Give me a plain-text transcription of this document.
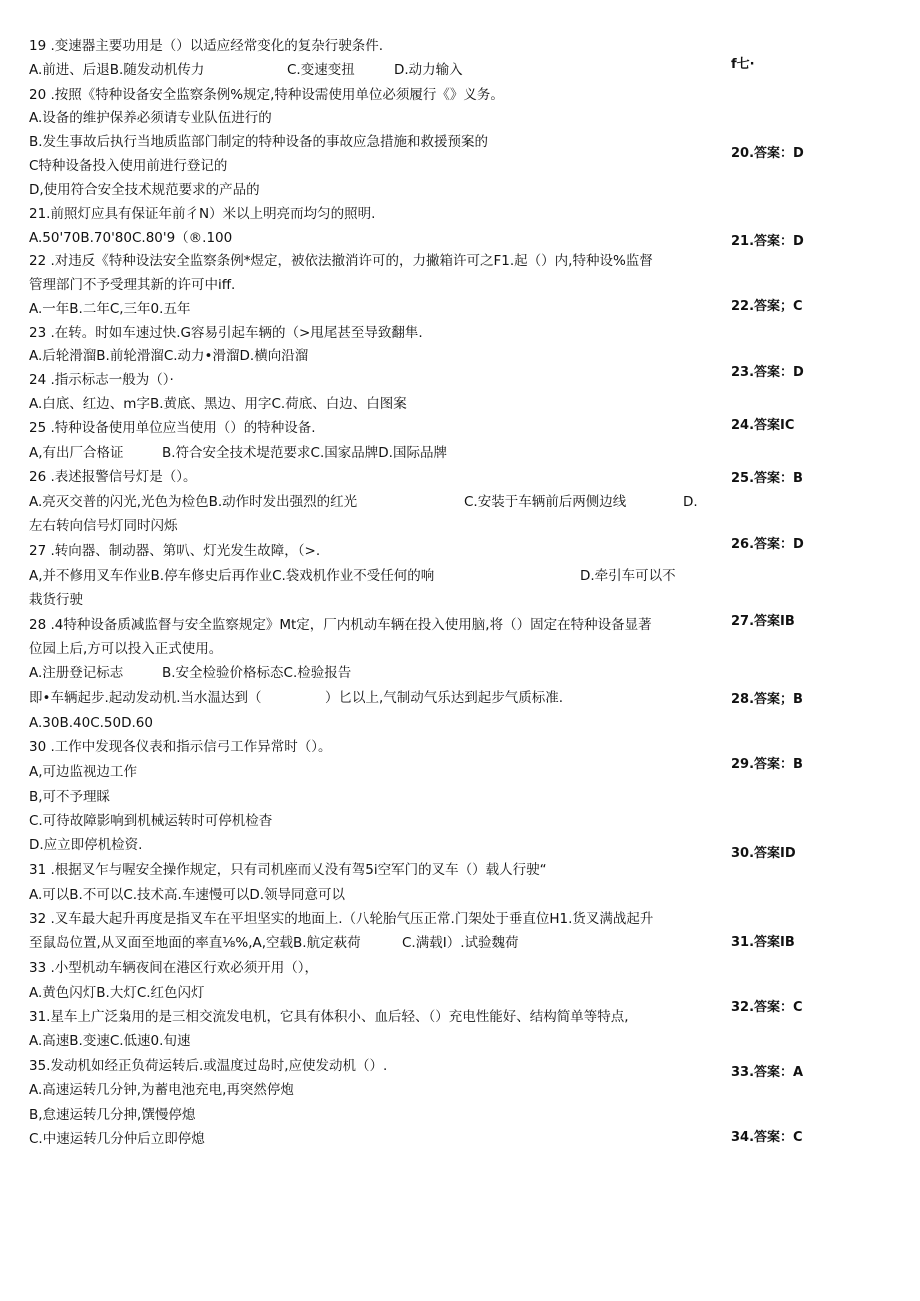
19 .变速器主要功用是（）以适应经常变化的复杂行驶条件.
A.前进、后退B.随发动机传力	C.变速变扭	D.动力输入
20 .按照《特种设备安全监察条例%规定,特种设需使用单位必须履行《》义务。
A.设备的维护保养必须请专业队伍进行的
B.发生事故后执行当地质监部门制定的特种设备的事故应急措施和救援预案的
C特种设备投入使用前进行登记的
D,使用符合安全技术规范要求的产品的
21.前照灯应具有保证年前彳N）米以上明亮而均匀的照明.
A.50'70B.70'80C.80'9（®.100
22 .对违反《特种设法安全监察条例*煜定，被依法撤消许可的，力撇箱许可之F1.起（）内,特种设%监督
管理部门不予受理其新的许可中iff.
A.一年B.二年C,三年0.五年
23 .在转。时如车速过快.G容易引起车辆的（>甩尾甚至导致翻隼.
A.后轮滑溜B.前轮滑溜C.动力•滑溜D.横向沿溜
24 .指示标志一般为（）·
A.白底、红边、m字B.黄底、黑边、用字C.荷底、白边、白图案
25 .特种设备使用单位应当使用（）的特种设备.
A,有出厂合格证	B.符合安全技术堤范要求C.国家品牌D.国际品牌
26 .表述报警信号灯是（）。
A.亮灭交普的闪光,光色为检色B.动作时发出强烈的红光	C.安装于车辆前后两侧边线	D.
左右转向信号灯同时闪烁
27 .转向器、制动器、第叭、灯光发生故障，（>.
A,并不修用叉车作业B.停车修史后再作业C.袋戏机作业不受任何的响	D.牵引车可以不
栽货行驶
28 .4特种设备质减监督与安全监察规定》Mt定，厂内机动车辆在投入使用脑,将（）固定在特种设备显著
位园上后,方可以投入正式使用。
A.注册登记标志	B.安全检验价格标态C.检验报告
即•车辆起步.起动发动机.当水温达到（	）匕以上,气制动气乐达到起步气质标准.
A.30B.40C.50D.60
30 .工作中发现各仪表和指示信弓工作异常时（）。
A,可边监视边工作
B,可不予理睬
C.可待故障影响到机械运转时可停机检杳
D.应立即停机检资.
31 .根据叉乍与喔安全操作规定，只有司机座而乂没有驾5i空军门的叉车（）载人行驶“
A.可以B.不可以C.技术高.车速慢可以D.领导同意可以
32 .叉车最大起升再度是指叉车在平坦坚实的地面上.（八轮胎气压正常.门架处于垂直位H1.货叉满战起升
至鼠岛位置,从叉面至地面的率直⅛%,A,空载B.航定萩荷	C.满载I）.试验魏荷
33 .小型机动车辆夜间在港区行欢必须开用（），
A.黄色闪灯B.大灯C.红色闪灯
31.星车上广泛枭用的是三相交流发电机，它具有体积小、血后轻、（）充电性能好、结构简单等特点,
A.高速B.变速C.低速0.旬速
35.发动机如经正负荷运转后.或温度过岛时,应使发动机（）.
A.高速运转几分钟,为蓄电池充电,再突然停炮
B,怠速运转几分抻,馔慢停熄
C.中速运转几分仲后立即停熄
f七·
20.答案：D
21.答案：D
22.答案；C
23.答案：D
24.答案IC
25.答案：B
26.答案：D
27.答案IB
28.答案；B
29.答案：B
30.答案ID
31.答案IB
32.答案：C
33.答案：A
34.答案：C
